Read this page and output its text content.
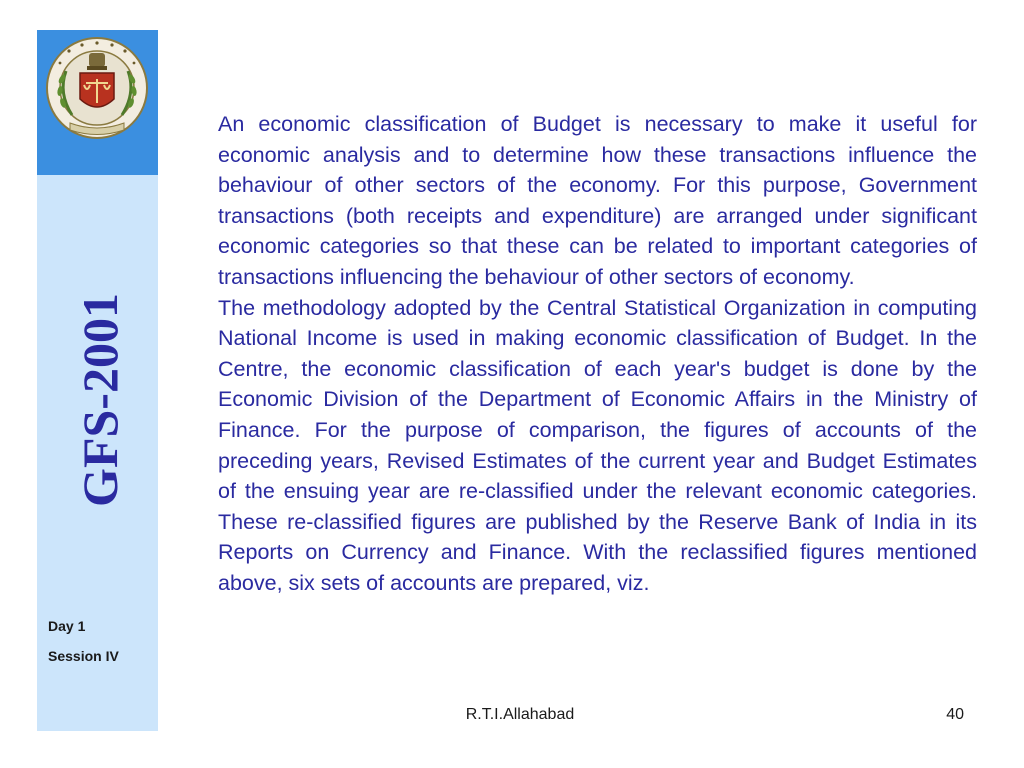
GFS-2001
Day 1
Session IV

An economic classification of Budget is necessary to make it useful for economic analysis and to determine how these transactions influence the behaviour of other sectors of the economy. For this purpose, Government transactions (both receipts and expenditure) are arranged under significant economic categories so that these can be related to important categories of transactions influencing the behaviour of other sectors of economy.

The methodology adopted by the Central Statistical Organization in computing National Income is used in making economic classification of Budget. In the Centre, the economic classification of each year's budget is done by the Economic Division of the Department of Economic Affairs in the Ministry of Finance. For the purpose of comparison, the figures of accounts of the preceding years, Revised Estimates of the current year and Budget Estimates of the ensuing year are re-classified under the relevant economic categories. These re-classified figures are published by the Reserve Bank of India in its Reports on Currency and Finance. With the reclassified figures mentioned above, six sets of accounts are prepared, viz.

R.T.I.Allahabad	40
